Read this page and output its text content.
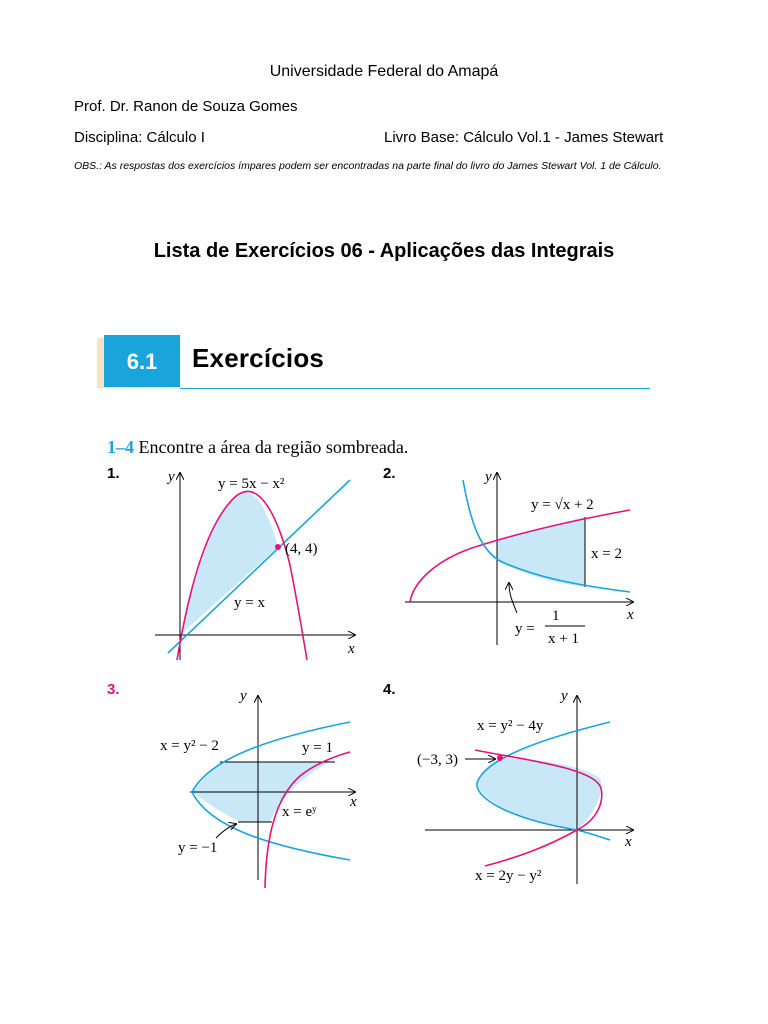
Universidade Federal do Amapá
Prof. Dr. Ranon de Souza Gomes
Disciplina: Cálculo I	Livro Base: Cálculo Vol.1 - James Stewart
OBS.: As respostas dos exercícios ímpares podem ser encontradas na parte final do livro do James Stewart Vol. 1 de Cálculo.
Lista de Exercícios 06 - Aplicações das Integrais
6.1	Exercícios
1–4 Encontre a área da região sombreada.
1.	2.
3.	4.
y
x
y = 5x − x²
(4, 4)
y = x
y
x
y = √x + 2
x = 2
y =
1
x + 1
y
x
x = y² − 2	y = 1
x = eʸ
y = −1
y
x
x = y² − 4y
(−3, 3)
x = 2y − y²
